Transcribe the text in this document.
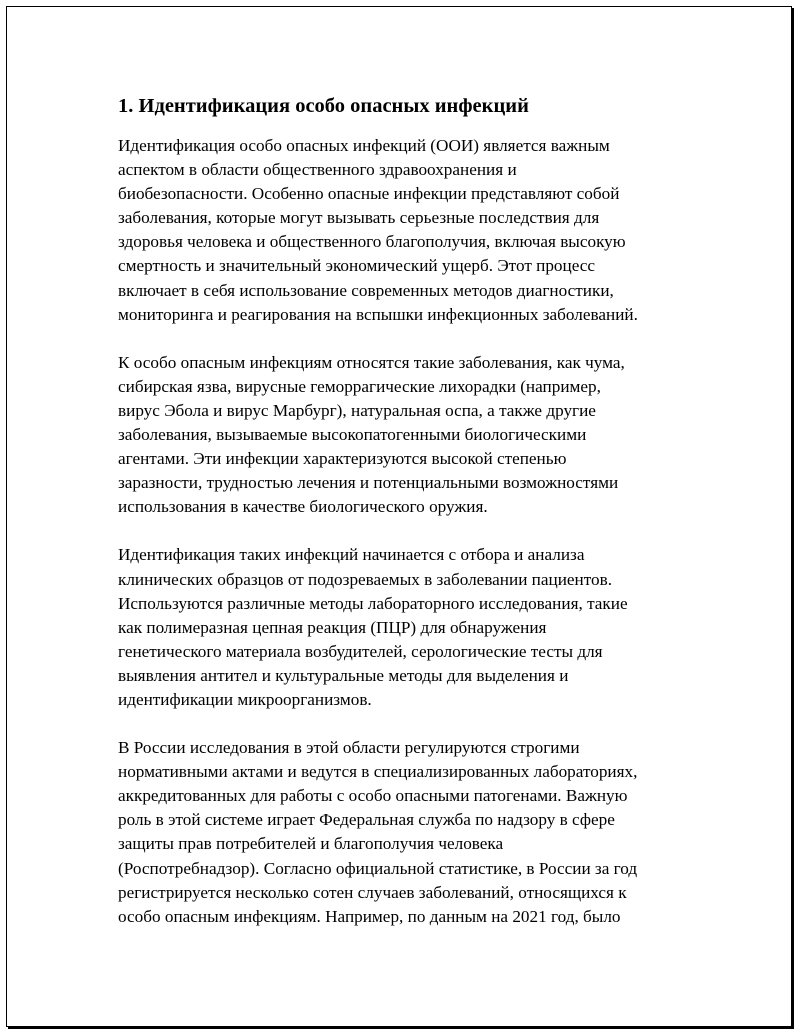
1. Идентификация особо опасных инфекций

Идентификация особо опасных инфекций (ООИ) является важным
аспектом в области общественного здравоохранения и
биобезопасности. Особенно опасные инфекции представляют собой
заболевания, которые могут вызывать серьезные последствия для
здоровья человека и общественного благополучия, включая высокую
смертность и значительный экономический ущерб. Этот процесс
включает в себя использование современных методов диагностики,
мониторинга и реагирования на вспышки инфекционных заболеваний.

К особо опасным инфекциям относятся такие заболевания, как чума,
сибирская язва, вирусные геморрагические лихорадки (например,
вирус Эбола и вирус Марбург), натуральная оспа, а также другие
заболевания, вызываемые высокопатогенными биологическими
агентами. Эти инфекции характеризуются высокой степенью
заразности, трудностью лечения и потенциальными возможностями
использования в качестве биологического оружия.

Идентификация таких инфекций начинается с отбора и анализа
клинических образцов от подозреваемых в заболевании пациентов.
Используются различные методы лабораторного исследования, такие
как полимеразная цепная реакция (ПЦР) для обнаружения
генетического материала возбудителей, серологические тесты для
выявления антител и культуральные методы для выделения и
идентификации микроорганизмов.

В России исследования в этой области регулируются строгими
нормативными актами и ведутся в специализированных лабораториях,
аккредитованных для работы с особо опасными патогенами. Важную
роль в этой системе играет Федеральная служба по надзору в сфере
защиты прав потребителей и благополучия человека
(Роспотребнадзор). Согласно официальной статистике, в России за год
регистрируется несколько сотен случаев заболеваний, относящихся к
особо опасным инфекциям. Например, по данным на 2021 год, было
